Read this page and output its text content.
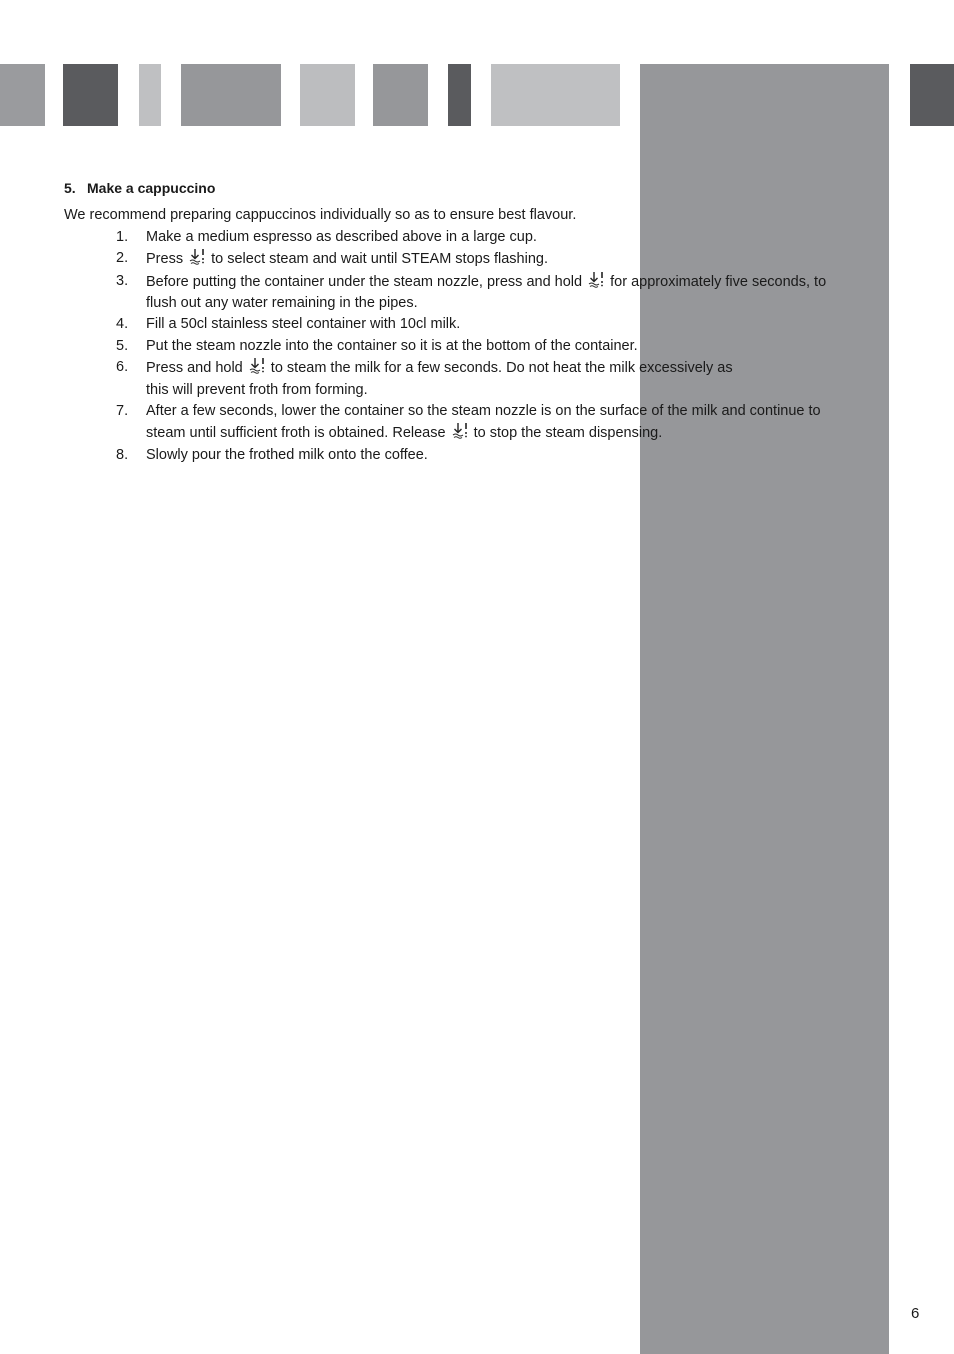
5. Make a cappuccino

We recommend preparing cappuccinos individually so as to ensure best flavour.

1. Make a medium espresso as described above in a large cup.
2. Press  to select steam and wait until STEAM stops flashing.
3. Before putting the container under the steam nozzle, press and hold  for approximately five seconds, to flush out any water remaining in the pipes.
4. Fill a 50cl stainless steel container with 10cl milk.
5. Put the steam nozzle into the container so it is at the bottom of the container.
6. Press and hold  to steam the milk for a few seconds. Do not heat the milk excessively as
this will prevent froth from forming.
7. After a few seconds, lower the container so the steam nozzle is on the surface of the milk and continue to steam until sufficient froth is obtained. Release  to stop the steam dispensing.
8. Slowly pour the frothed milk onto the coffee.
6
